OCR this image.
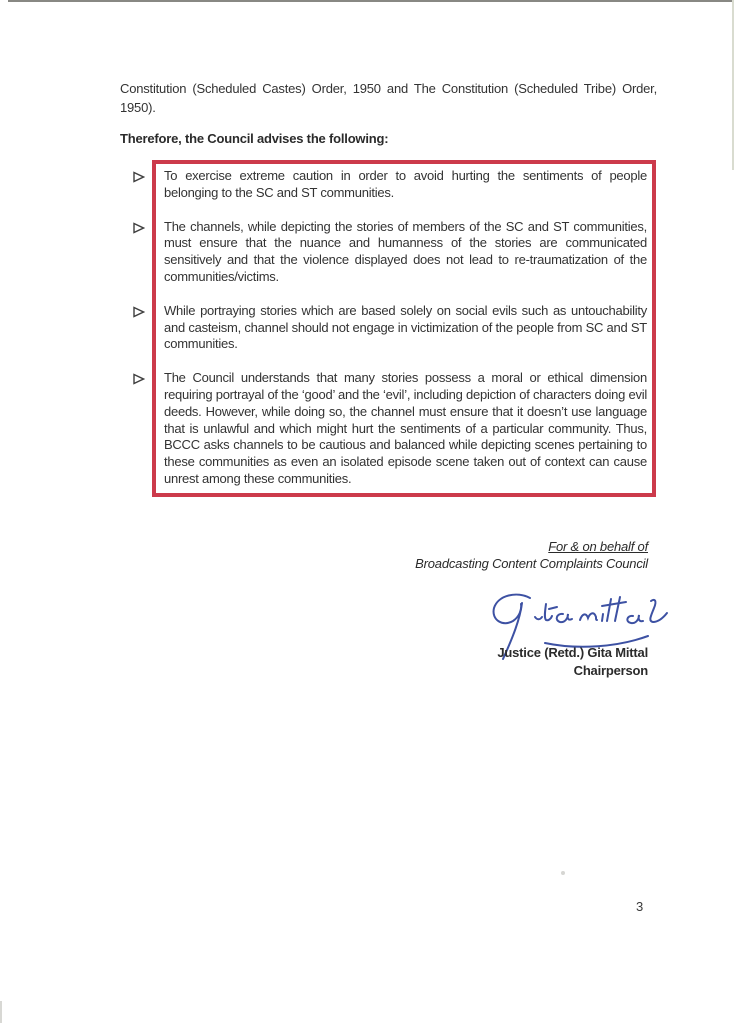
Constitution (Scheduled Castes) Order, 1950 and The Constitution (Scheduled Tribe) Order, 1950).
Therefore, the Council advises the following:
To exercise extreme caution in order to avoid hurting the sentiments of people belonging to the SC and ST communities.
The channels, while depicting the stories of members of the SC and ST communities, must ensure that the nuance and humanness of the stories are communicated sensitively and that the violence displayed does not lead to re-traumatization of the communities/victims.
While portraying stories which are based solely on social evils such as untouchability and casteism, channel should not engage in victimization of the people from SC and ST communities.
The Council understands that many stories possess a moral or ethical dimension requiring portrayal of the ‘good’ and the ‘evil’, including depiction of characters doing evil deeds. However, while doing so, the channel must ensure that it doesn’t use language that is unlawful and which might hurt the sentiments of a particular community. Thus, BCCC asks channels to be cautious and balanced while depicting scenes pertaining to these communities as even an isolated episode scene taken out of context can cause unrest among these communities.
For & on behalf of
Broadcasting Content Complaints Council
Justice (Retd.) Gita Mittal
Chairperson
3
